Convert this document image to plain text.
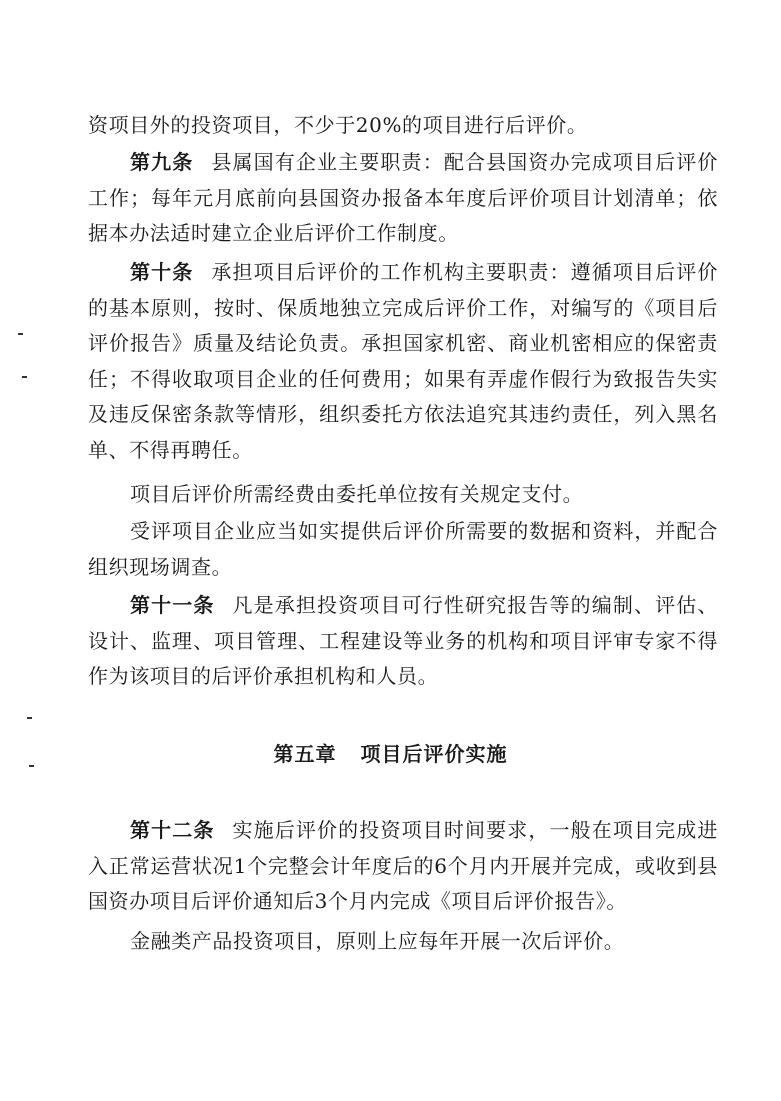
资项目外的投资项目，不少于20%的项目进行后评价。

第九条 县属国有企业主要职责：配合县国资办完成项目后评价工作；每年元月底前向县国资办报备本年度后评价项目计划清单；依据本办法适时建立企业后评价工作制度。

第十条 承担项目后评价的工作机构主要职责：遵循项目后评价的基本原则，按时、保质地独立完成后评价工作，对编写的《项目后评价报告》质量及结论负责。承担国家机密、商业机密相应的保密责任；不得收取项目企业的任何费用；如果有弄虚作假行为致报告失实及违反保密条款等情形，组织委托方依法追究其违约责任，列入黑名单、不得再聘任。

项目后评价所需经费由委托单位按有关规定支付。

受评项目企业应当如实提供后评价所需要的数据和资料，并配合组织现场调查。

第十一条 凡是承担投资项目可行性研究报告等的编制、评估、设计、监理、项目管理、工程建设等业务的机构和项目评审专家不得作为该项目的后评价承担机构和人员。

第五章 项目后评价实施

第十二条 实施后评价的投资项目时间要求，一般在项目完成进入正常运营状况1个完整会计年度后的6个月内开展并完成，或收到县国资办项目后评价通知后3个月内完成《项目后评价报告》。

金融类产品投资项目，原则上应每年开展一次后评价。
